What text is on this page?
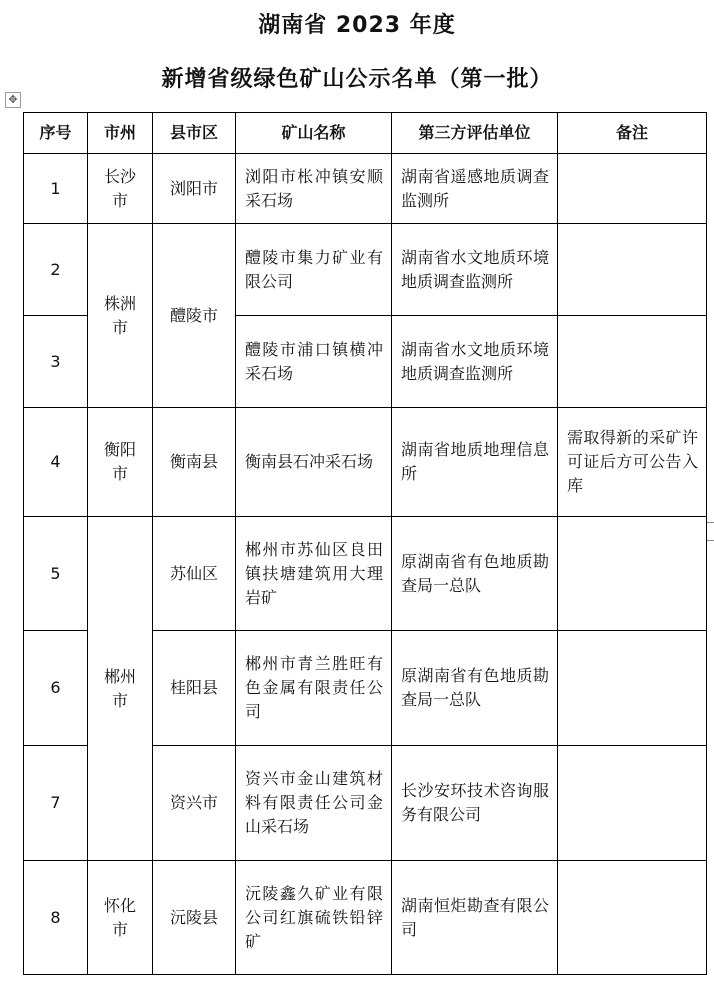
湖南省 2023 年度
新增省级绿色矿山公示名单（第一批）
✥
序号	市州	县市区	矿山名称	第三方评估单位	备注
1	长沙市	浏阳市	浏阳市枨冲镇安顺采石场	湖南省遥感地质调查监测所	
2	株洲市	醴陵市	醴陵市集力矿业有限公司	湖南省水文地质环境地质调查监测所	
3			醴陵市浦口镇横冲采石场	湖南省水文地质环境地质调查监测所	
4	衡阳市	衡南县	衡南县石冲采石场	湖南省地质地理信息所	需取得新的采矿许可证后方可公告入库
5	郴州市	苏仙区	郴州市苏仙区良田镇扶塘建筑用大理岩矿	原湖南省有色地质勘查局一总队	
6		桂阳县	郴州市青兰胜旺有色金属有限责任公司	原湖南省有色地质勘查局一总队	
7		资兴市	资兴市金山建筑材料有限责任公司金山采石场	长沙安环技术咨询服务有限公司	
8	怀化市	沅陵县	沅陵鑫久矿业有限公司红旗硫铁铅锌矿	湖南恒炬勘查有限公司	
